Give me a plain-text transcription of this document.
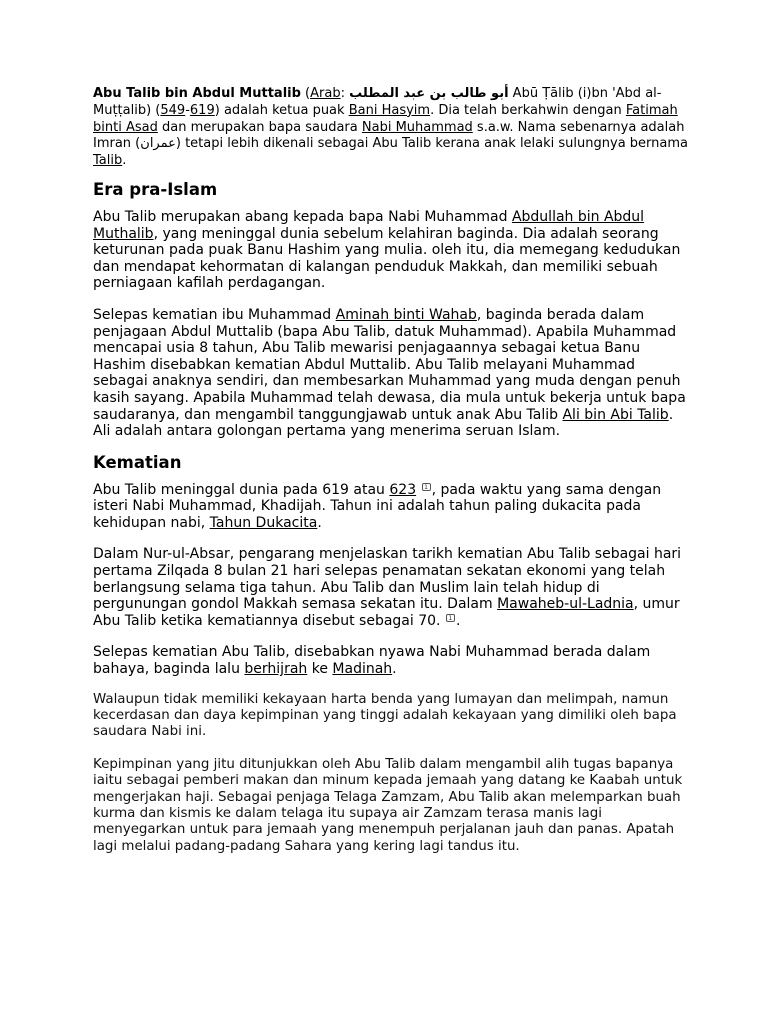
Abu Talib bin Abdul Muttalib (Arab: أبو طالب بن عبد المطلب Abū Ṭālib (i)bn 'Abd al-Muṭṭalib) (549-619) adalah ketua puak Bani Hasyim. Dia telah berkahwin dengan Fatimah binti Asad dan merupakan bapa saudara Nabi Muhammad s.a.w. Nama sebenarnya adalah Imran (عمران) tetapi lebih dikenali sebagai Abu Talib kerana anak lelaki sulungnya bernama Talib.

Era pra-Islam

Abu Talib merupakan abang kepada bapa Nabi Muhammad Abdullah bin Abdul Muthalib, yang meninggal dunia sebelum kelahiran baginda. Dia adalah seorang keturunan pada puak Banu Hashim yang mulia. oleh itu, dia memegang kedudukan dan mendapat kehormatan di kalangan penduduk Makkah, dan memiliki sebuah perniagaan kafilah perdagangan.

Selepas kematian ibu Muhammad Aminah binti Wahab, baginda berada dalam penjagaan Abdul Muttalib (bapa Abu Talib, datuk Muhammad). Apabila Muhammad mencapai usia 8 tahun, Abu Talib mewarisi penjagaannya sebagai ketua Banu Hashim disebabkan kematian Abdul Muttalib. Abu Talib melayani Muhammad sebagai anaknya sendiri, dan membesarkan Muhammad yang muda dengan penuh kasih sayang. Apabila Muhammad telah dewasa, dia mula untuk bekerja untuk bapa saudaranya, dan mengambil tanggungjawab untuk anak Abu Talib Ali bin Abi Talib. Ali adalah antara golongan pertama yang menerima seruan Islam.

Kematian

Abu Talib meninggal dunia pada 619 atau 623 1 , pada waktu yang sama dengan isteri Nabi Muhammad, Khadijah. Tahun ini adalah tahun paling dukacita pada kehidupan nabi, Tahun Dukacita.

Dalam Nur-ul-Absar, pengarang menjelaskan tarikh kematian Abu Talib sebagai hari pertama Zilqada 8 bulan 21 hari selepas penamatan sekatan ekonomi yang telah berlangsung selama tiga tahun. Abu Talib dan Muslim lain telah hidup di pergunungan gondol Makkah semasa sekatan itu. Dalam Mawaheb-ul-Ladnia, umur Abu Talib ketika kematiannya disebut sebagai 70. 1 .

Selepas kematian Abu Talib, disebabkan nyawa Nabi Muhammad berada dalam bahaya, baginda lalu berhijrah ke Madinah.

Walaupun tidak memiliki kekayaan harta benda yang lumayan dan melimpah, namun kecerdasan dan daya kepimpinan yang tinggi adalah kekayaan yang dimiliki oleh bapa saudara Nabi ini.

Kepimpinan yang jitu ditunjukkan oleh Abu Talib dalam mengambil alih tugas bapanya iaitu sebagai pemberi makan dan minum kepada jemaah yang datang ke Kaabah untuk mengerjakan haji. Sebagai penjaga Telaga Zamzam, Abu Talib akan melemparkan buah kurma dan kismis ke dalam telaga itu supaya air Zamzam terasa manis lagi menyegarkan untuk para jemaah yang menempuh perjalanan jauh dan panas. Apatah lagi melalui padang-padang Sahara yang kering lagi tandus itu.
